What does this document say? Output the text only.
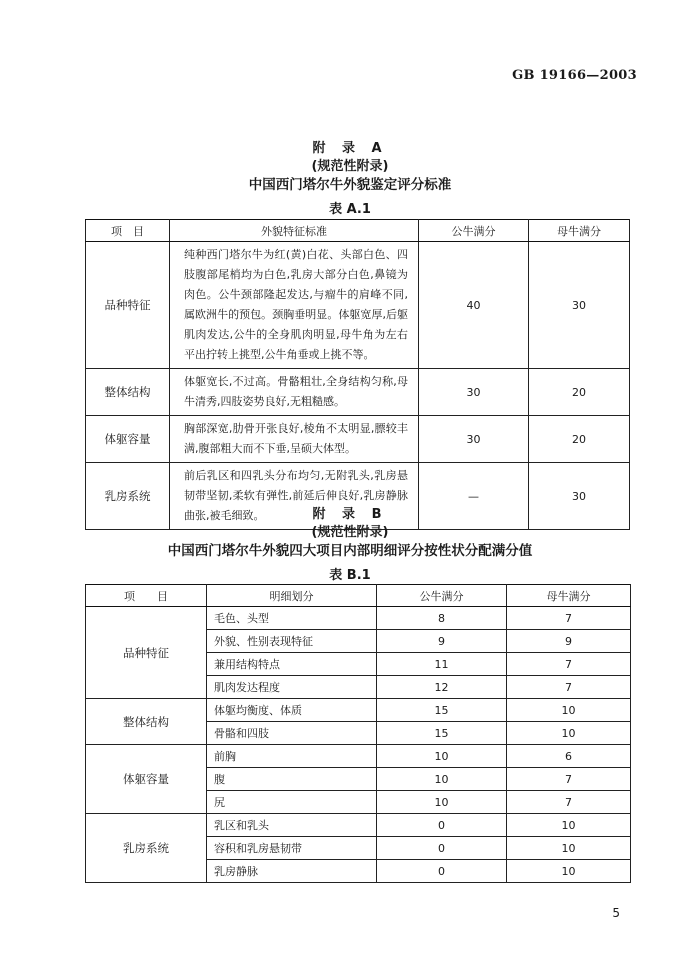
GB 19166—2003
附 录 A
(规范性附录)
中国西门塔尔牛外貌鉴定评分标准
表 A.1
项　目	外貌特征标准	公牛满分	母牛满分
品种特征	纯种西门塔尔牛为红(黄)白花、头部白色、四肢腹部尾梢均为白色,乳房大部分白色,鼻镜为肉色。公牛颈部隆起发达,与瘤牛的肩峰不同,属欧洲牛的预包。颈胸垂明显。体躯宽厚,后躯肌肉发达,公牛的全身肌肉明显,母牛角为左右平出拧转上挑型,公牛角垂或上挑不等。	40	30
整体结构	体躯宽长,不过高。骨骼粗壮,全身结构匀称,母牛清秀,四肢姿势良好,无粗糙感。	30	20
体躯容量	胸部深宽,肋骨开张良好,棱角不太明显,膘较丰满,腹部粗大而不下垂,呈硕大体型。	30	20
乳房系统	前后乳区和四乳头分布均匀,无附乳头,乳房悬韧带坚韧,柔软有弹性,前延后伸良好,乳房静脉曲张,被毛细致。	—	30
附 录 B
(规范性附录)
中国西门塔尔牛外貌四大项目内部明细评分按性状分配满分值
表 B.1
项　　目	明细划分	公牛满分	母牛满分
品种特征	毛色、头型	8	7
	外貌、性别表现特征	9	9
	兼用结构特点	11	7
	肌肉发达程度	12	7
整体结构	体躯均衡度、体质	15	10
	骨骼和四肢	15	10
体躯容量	前胸	10	6
	腹	10	7
	尻	10	7
乳房系统	乳区和乳头	0	10
	容积和乳房悬韧带	0	10
	乳房静脉	0	10
5
